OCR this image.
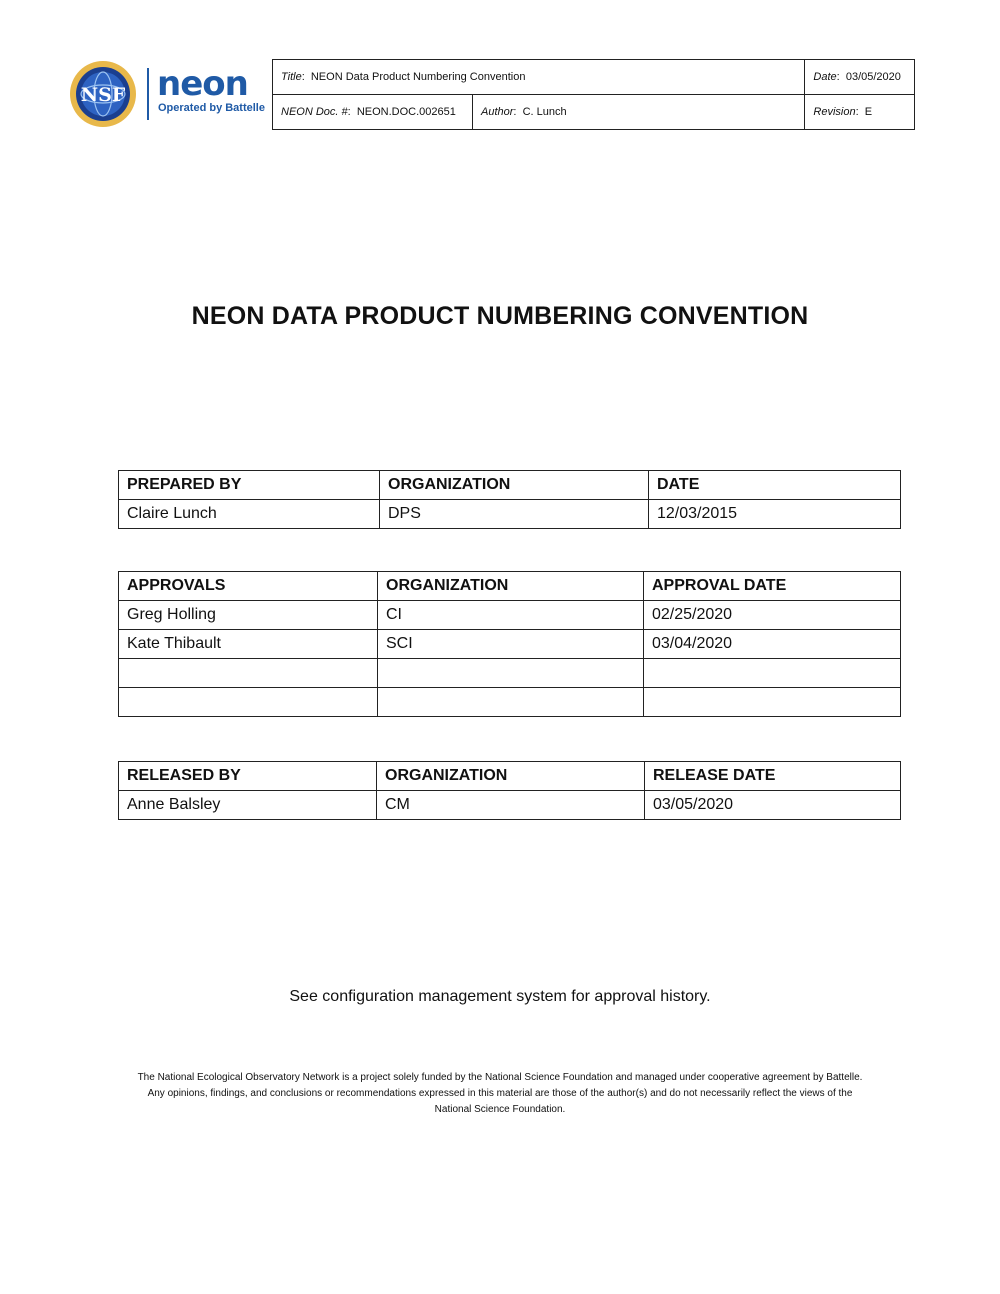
NSF neon
Operated by Battelle
Title:  NEON Data Product Numbering Convention		Date:  03/05/2020
NEON Doc. #:  NEON.DOC.002651	Author:  C. Lunch	Revision:  E
NEON DATA PRODUCT NUMBERING CONVENTION
PREPARED BY	ORGANIZATION	DATE
Claire Lunch	DPS	12/03/2015
APPROVALS	ORGANIZATION	APPROVAL DATE
Greg Holling	CI	02/25/2020
Kate Thibault	SCI	03/04/2020

RELEASED BY	ORGANIZATION	RELEASE DATE
Anne Balsley	CM	03/05/2020
See configuration management system for approval history.
The National Ecological Observatory Network is a project solely funded by the National Science Foundation and managed under cooperative agreement by Battelle.
Any opinions, findings, and conclusions or recommendations expressed in this material are those of the author(s) and do not necessarily reflect the views of the
National Science Foundation.
